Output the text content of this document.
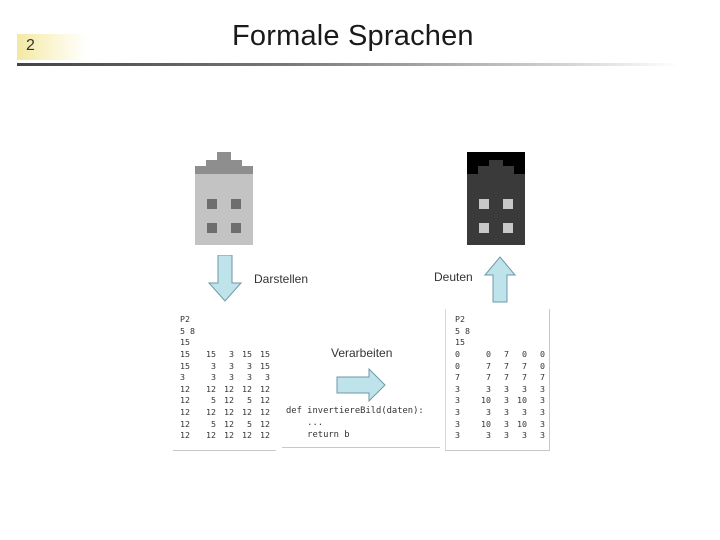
2	Formale Sprachen
Darstellen	Deuten
Verarbeiten

P2
5 8
15
15	15	3 15 15
15	3	3	3 15
3	3	3	3	3
12	12 12 12 12
12	5 12	5 12
12	12 12 12 12
12	5 12	5 12
12	12 12 12 12

P2
5 8
15
0	0	7	0	0
0	7	7	7	0
7	7	7	7	7
3	3	3	3	3
3	10	3 10	3
3	3	3	3	3
3	10	3 10	3
3	3	3	3	3

def invertiereBild(daten):
...
return b
